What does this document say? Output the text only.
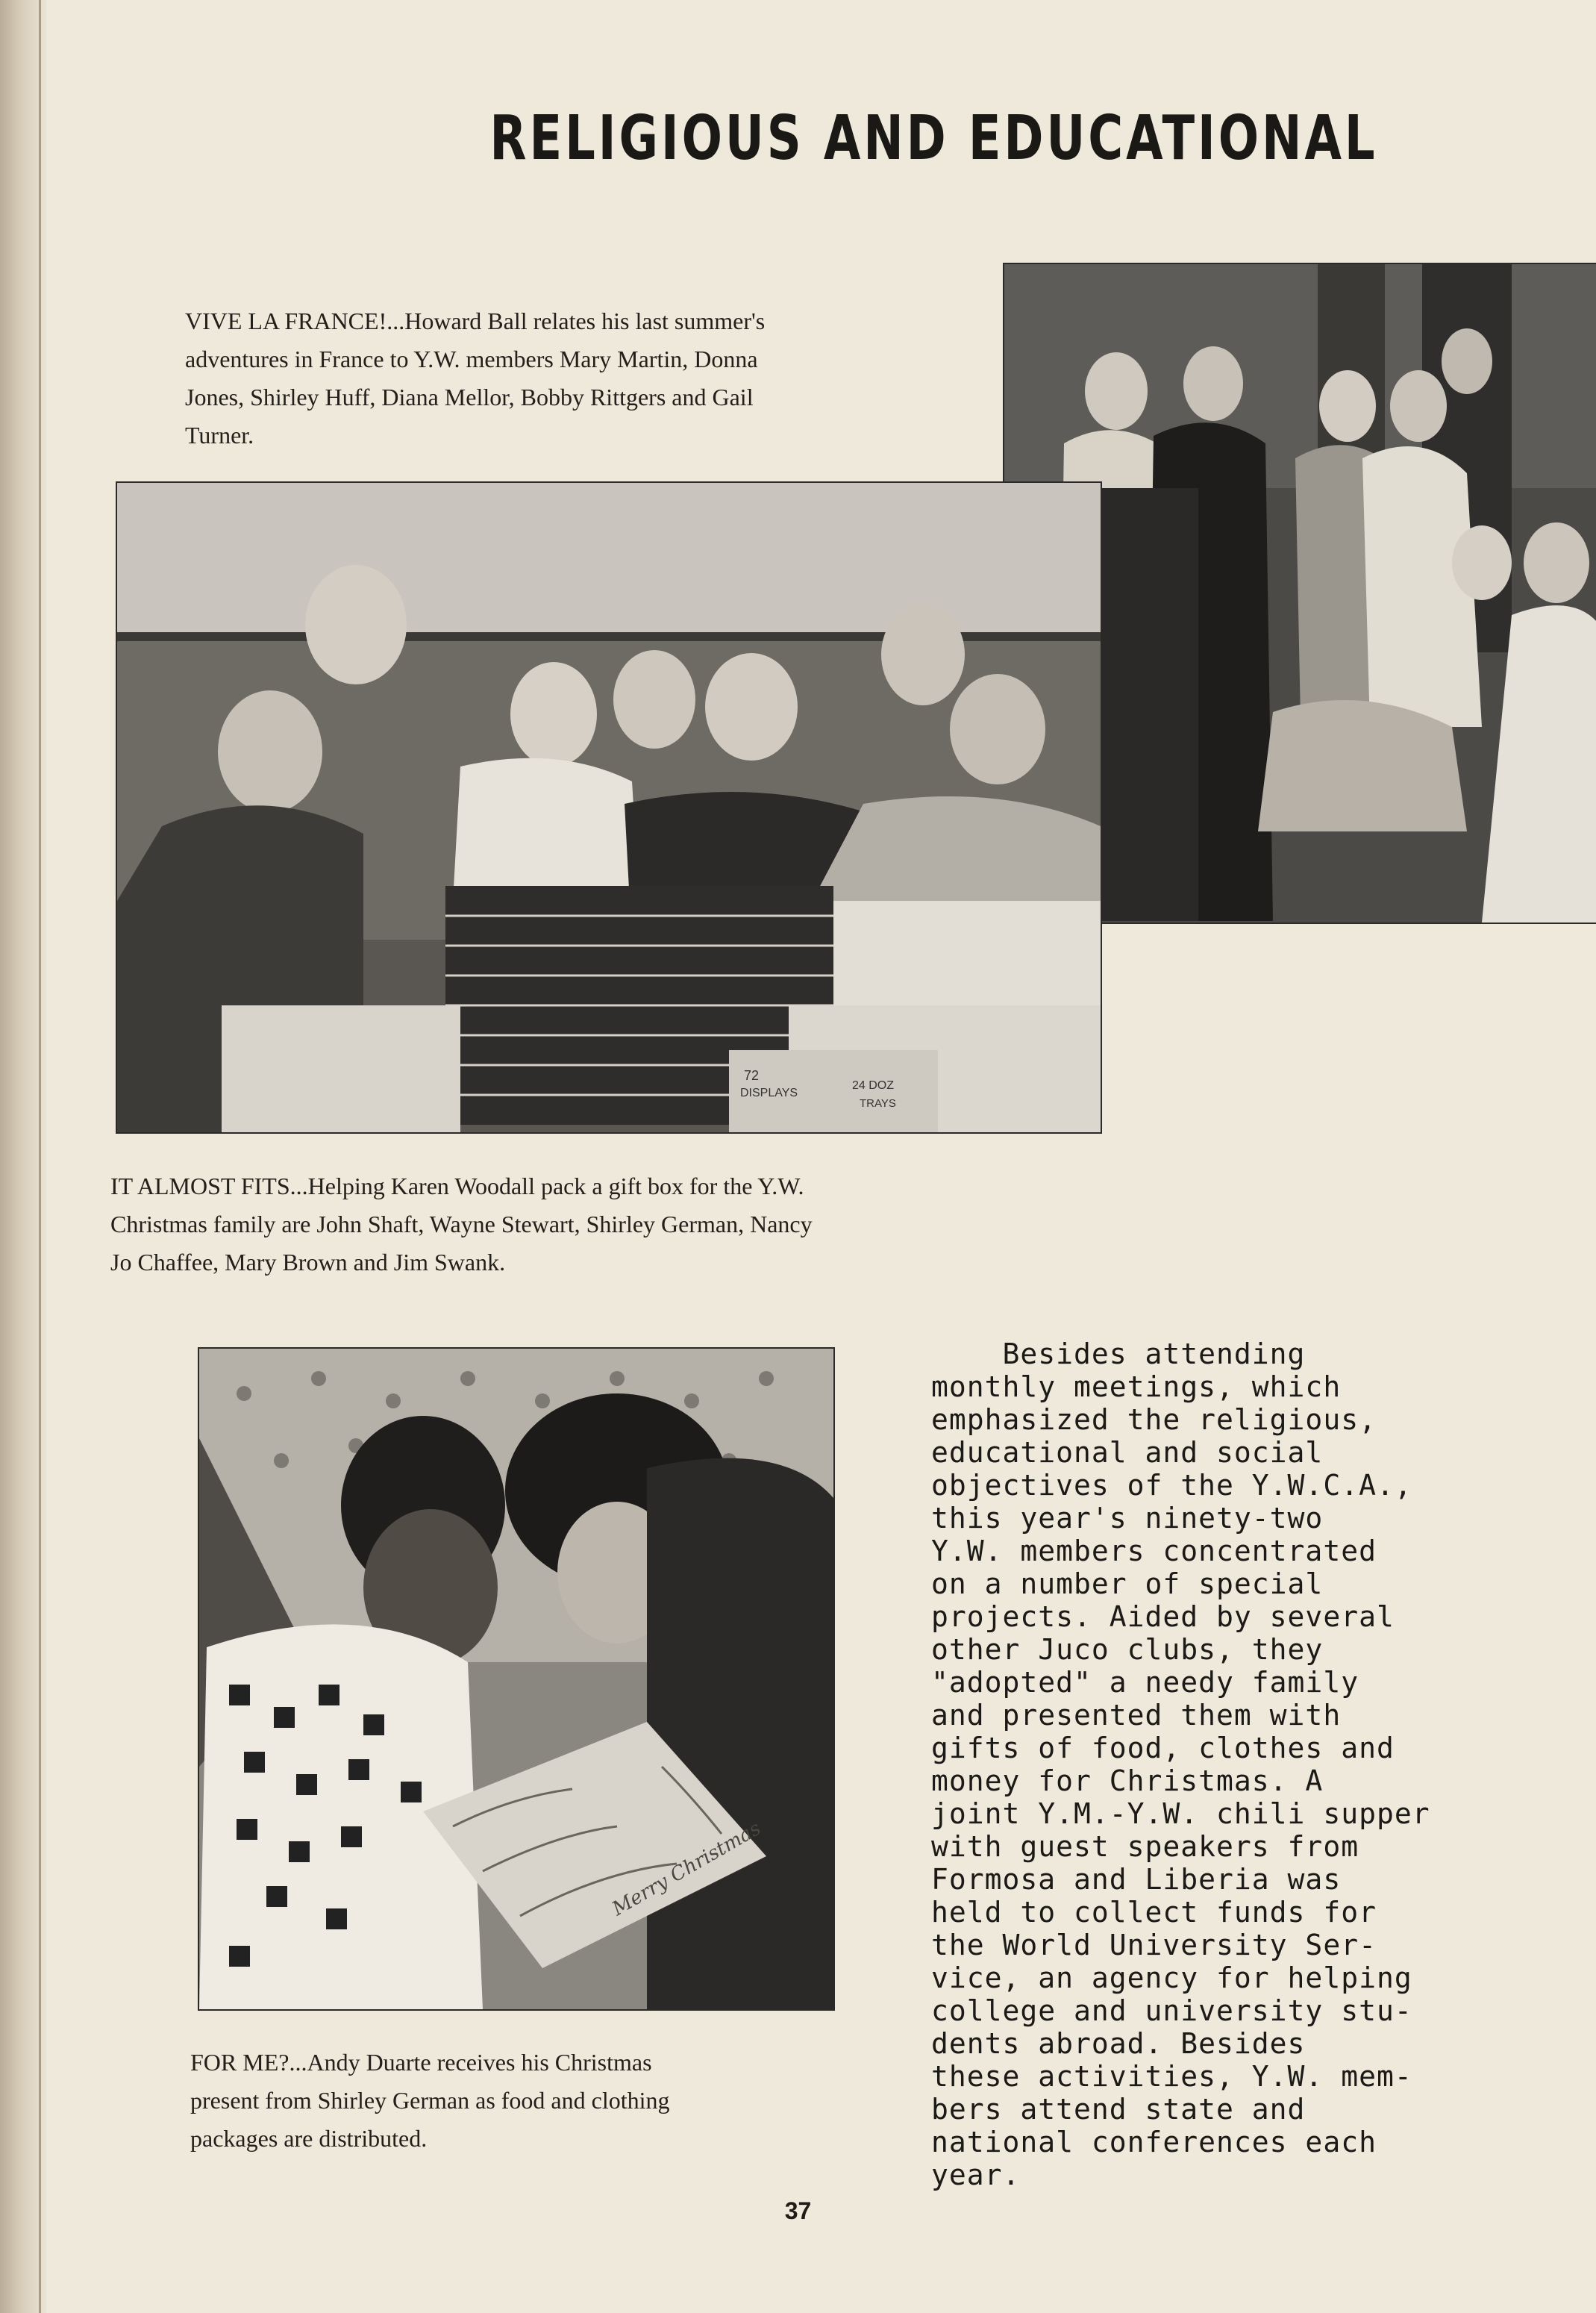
RELIGIOUS AND EDUCATIONAL
VIVE LA FRANCE!...Howard Ball relates his last summer's
adventures in France to Y.W. members Mary Martin, Donna
Jones, Shirley Huff, Diana Mellor, Bobby Rittgers and Gail
Turner.
72
DISPLAYS
24 DOZ
TRAYS
IT ALMOST FITS...Helping Karen Woodall pack a gift box for the Y.W.
Christmas family are John Shaft, Wayne Stewart, Shirley German, Nancy
Jo Chaffee, Mary Brown and Jim Swank.
Merry Christmas
FOR ME?...Andy Duarte receives his Christmas
present from Shirley German as food and clothing
packages are distributed.
Besides attending
monthly meetings, which
emphasized the religious,
educational and social
objectives of the Y.W.C.A.,
this year's ninety-two
Y.W. members concentrated
on a number of special
projects. Aided by several
other Juco clubs, they
"adopted" a needy family
and presented them with
gifts of food, clothes and
money for Christmas. A
joint Y.M.-Y.W. chili supper
with guest speakers from
Formosa and Liberia was
held to collect funds for
the World University Ser-
vice, an agency for helping
college and university stu-
dents abroad. Besides
these activities, Y.W. mem-
bers attend state and
national conferences each
year.
37
